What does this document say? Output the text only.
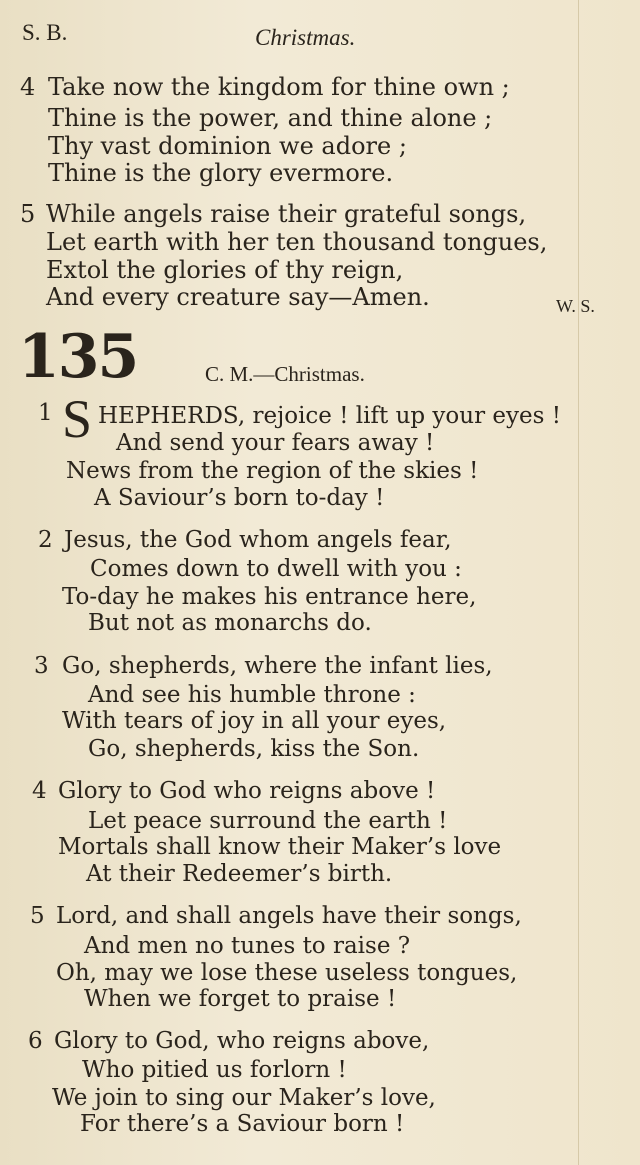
S. B.	Christmas.
4 Take now the kingdom for thine own ;
Thine is the power, and thine alone ;
Thy vast dominion we adore ;
Thine is the glory evermore.
5 While angels raise their grateful songs,
Let earth with her ten thousand tongues,
Extol the glories of thy reign,
And every creature say—Amen.	W. S.
135	C. M.—Christmas.
1 S HEPHERDS, rejoice ! lift up your eyes !
And send your fears away !
News from the region of the skies !
A Saviour’s born to-day !
2 Jesus, the God whom angels fear,
Comes down to dwell with you :
To-day he makes his entrance here,
But not as monarchs do.
3 Go, shepherds, where the infant lies,
And see his humble throne :
With tears of joy in all your eyes,
Go, shepherds, kiss the Son.
4 Glory to God who reigns above !
Let peace surround the earth !
Mortals shall know their Maker’s love
At their Redeemer’s birth.
5 Lord, and shall angels have their songs,
And men no tunes to raise ?
Oh, may we lose these useless tongues,
When we forget to praise !
6 Glory to God, who reigns above,
Who pitied us forlorn !
We join to sing our Maker’s love,
For there’s a Saviour born !
